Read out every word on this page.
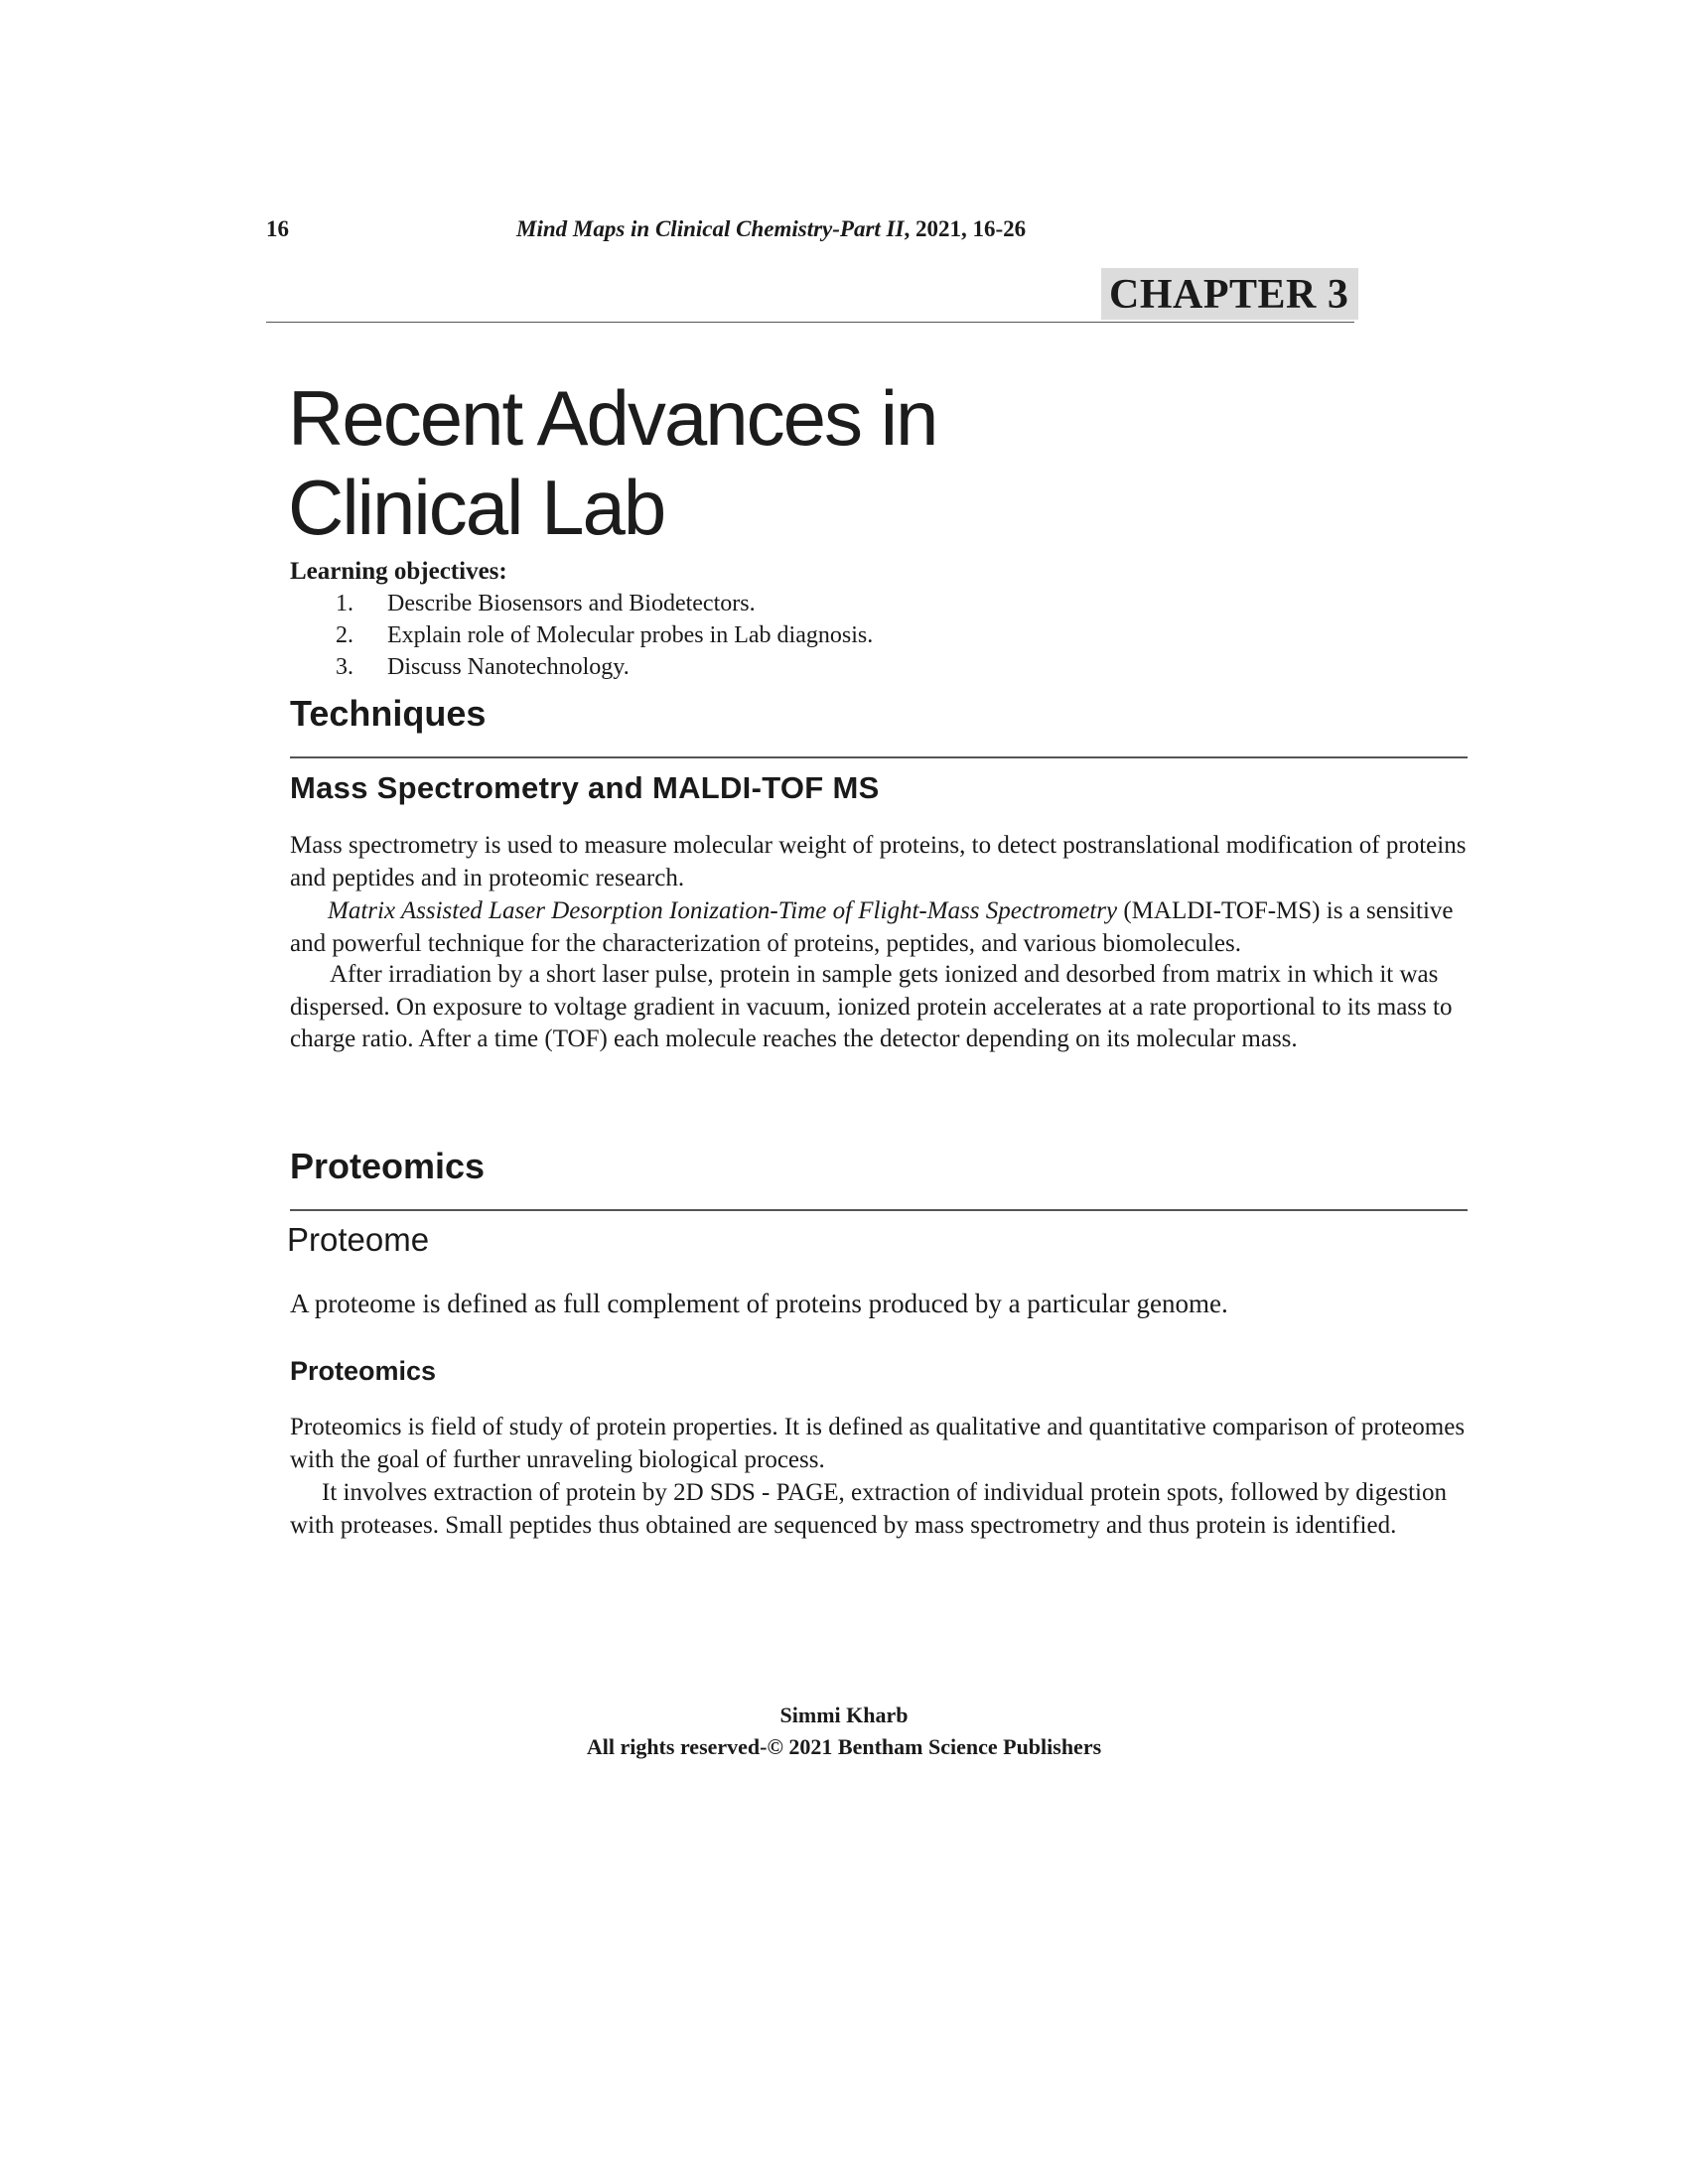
16	Mind Maps in Clinical Chemistry-Part II, 2021, 16-26
CHAPTER 3
Recent Advances in
Clinical Lab
Learning objectives:
1. Describe Biosensors and Biodetectors.
2. Explain role of Molecular probes in Lab diagnosis.
3. Discuss Nanotechnology.
Techniques
Mass Spectrometry and MALDI-TOF MS
Mass spectrometry is used to measure molecular weight of proteins, to detect postranslational modification of proteins and peptides and in proteomic research.
Matrix Assisted Laser Desorption Ionization-Time of Flight-Mass Spectrometry (MALDI-TOF-MS) is a sensitive and powerful technique for the characterization of proteins, peptides, and various biomolecules.
After irradiation by a short laser pulse, protein in sample gets ionized and desorbed from matrix in which it was dispersed. On exposure to voltage gradient in vacuum, ionized protein accelerates at a rate proportional to its mass to charge ratio. After a time (TOF) each molecule reaches the detector depending on its molecular mass.
Proteomics
Proteome
A proteome is defined as full complement of proteins produced by a particular genome.
Proteomics
Proteomics is field of study of protein properties. It is defined as qualitative and quantitative comparison of proteomes with the goal of further unraveling biological process.
It involves extraction of protein by 2D SDS - PAGE, extraction of individual protein spots, followed by digestion with proteases. Small peptides thus obtained are sequenced by mass spectrometry and thus protein is identified.
Simmi Kharb
All rights reserved-© 2021 Bentham Science Publishers
